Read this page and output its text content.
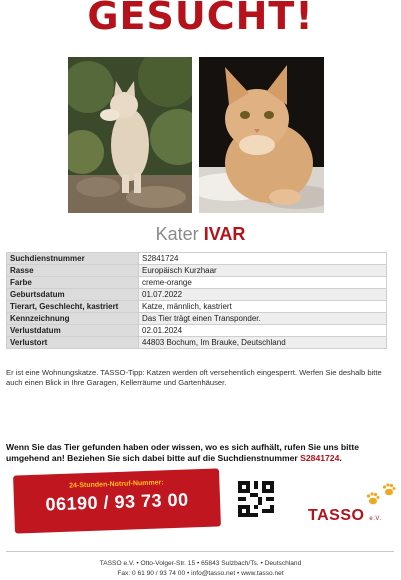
GESUCHT!
Kater IVAR
Suchdienstnummer	S2841724
Rasse	Europäisch Kurzhaar
Farbe	creme-orange
Geburtsdatum	01.07.2022
Tierart, Geschlecht, kastriert	Katze, männlich, kastriert
Kennzeichnung	Das Tier trägt einen Transponder.
Verlustdatum	02.01.2024
Verlustort	44803 Bochum, Im Brauke, Deutschland

Er ist eine Wohnungskatze. TASSO-Tipp: Katzen werden oft versehentlich eingesperrt. Werfen Sie deshalb bitte auch einen Blick in Ihre Garagen, Kellerräume und Gartenhäuser.

Wenn Sie das Tier gefunden haben oder wissen, wo es sich aufhält, rufen Sie uns bitte umgehend an! Beziehen Sie sich dabei bitte auf die Suchdienstnummer S2841724.

24-Stunden-Notruf-Nummer:
06190 / 93 73 00
TASSO e.V.
TASSO e.V. • Otto-Volger-Str. 15 • 65843 Sulzbach/Ts. • Deutschland
Fax: 0 61 90 / 93 74 00 • info@tasso.net • www.tasso.net
